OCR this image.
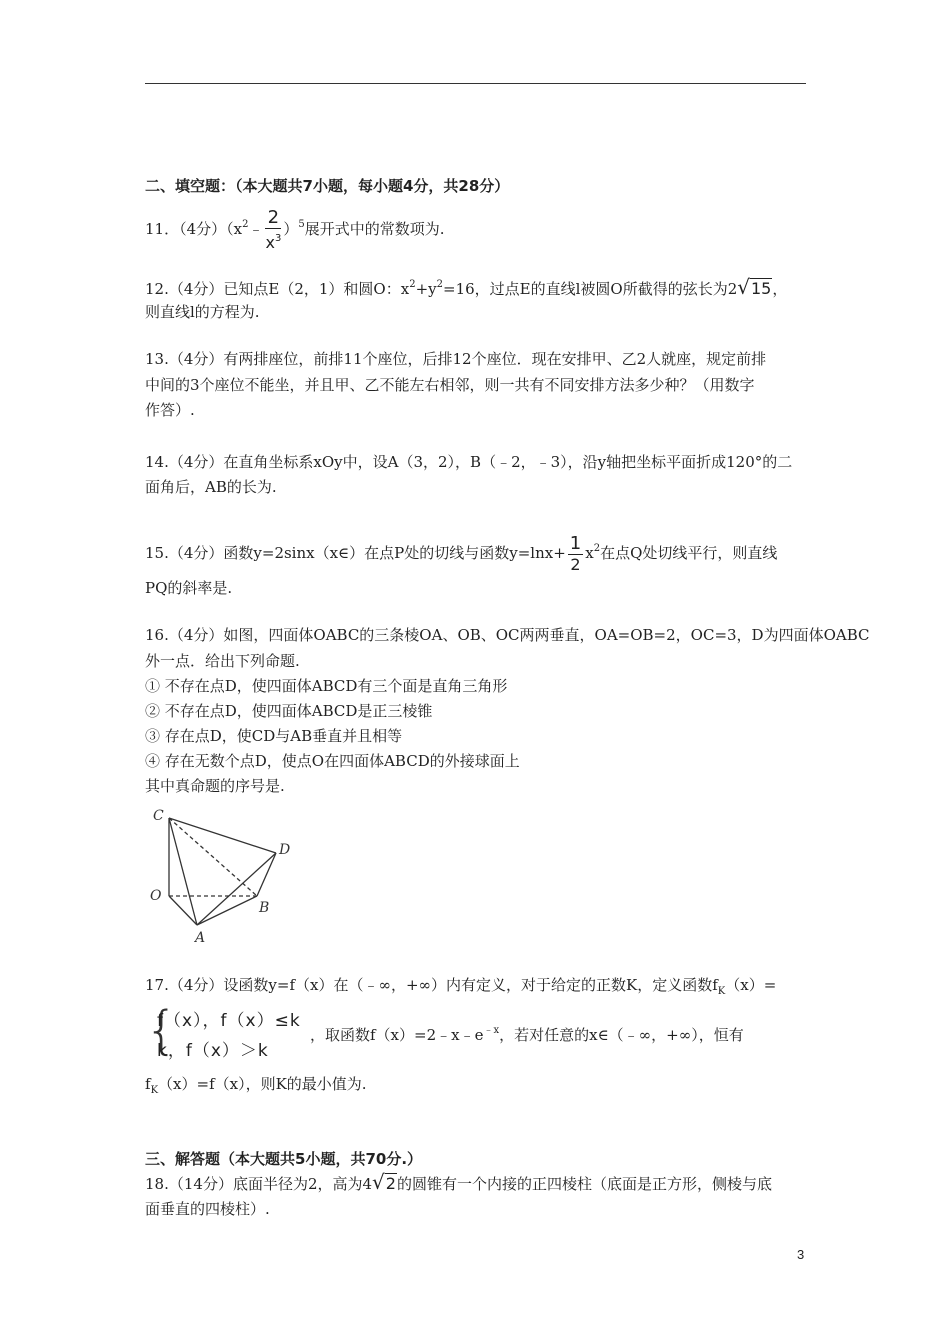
二、填空题：（本大题共7小题，每小题4分，共28分）
11．（4分）$(x^2﹣ \frac{2}{x^3} )^5$展开式中的常数项为.
12.（4分）已知点E（2，1）和圆O：$x^2+y^2=16$，过点E的直线l被圆O所截得的弦长为2√15，
则直线l的方程为.
13.（4分）有两排座位，前排11个座位，后排12个座位．现在安排甲、乙2人就座，规定前排
中间的3个座位不能坐，并且甲、乙不能左右相邻，则一共有不同安排方法多少种？（用数字
作答）.
14.（4分）在直角坐标系xOy中，设A（3，2），B（﹣2，﹣3），沿y轴把坐标平面折成120°的二
面角后，AB的长为.
15.（4分）函数y=2sinx（x∈）在点P处的切线与函数$y=\ln x+ \frac{1}{2} x^2$在点Q处切线平行，则直线
PQ的斜率是.
16.（4分）如图，四面体OABC的三条棱OA、OB、OC两两垂直，OA=OB=2，OC=3，D为四面体OABC
外一点．给出下列命题.
① 不存在点D，使四面体ABCD有三个面是直角三角形
② 不存在点D，使四面体ABCD是正三棱锥
③ 存在点D，使CD与AB垂直并且相等
④ 存在无数个点D，使点O在四面体ABCD的外接球面上
其中真命题的序号是.
C
D
O
B
A
17.（4分）设函数y=f（x）在（﹣∞，+∞）内有定义，对于给定的正数K，定义函数$f_K(x)=$
{
f（x），f（x）≤k
k，f（x）＞k
，取函数$f(x)=2﹣x﹣e^{﹣x}$，若对任意的x∈（﹣∞，+∞），恒有
$f_K(x)=f(x)$，则K的最小值为.
三、解答题（本大题共5小题，共70分.）
18.（14分）底面半径为2，高为4√2的圆锥有一个内接的正四棱柱（底面是正方形，侧棱与底
面垂直的四棱柱）.
3
